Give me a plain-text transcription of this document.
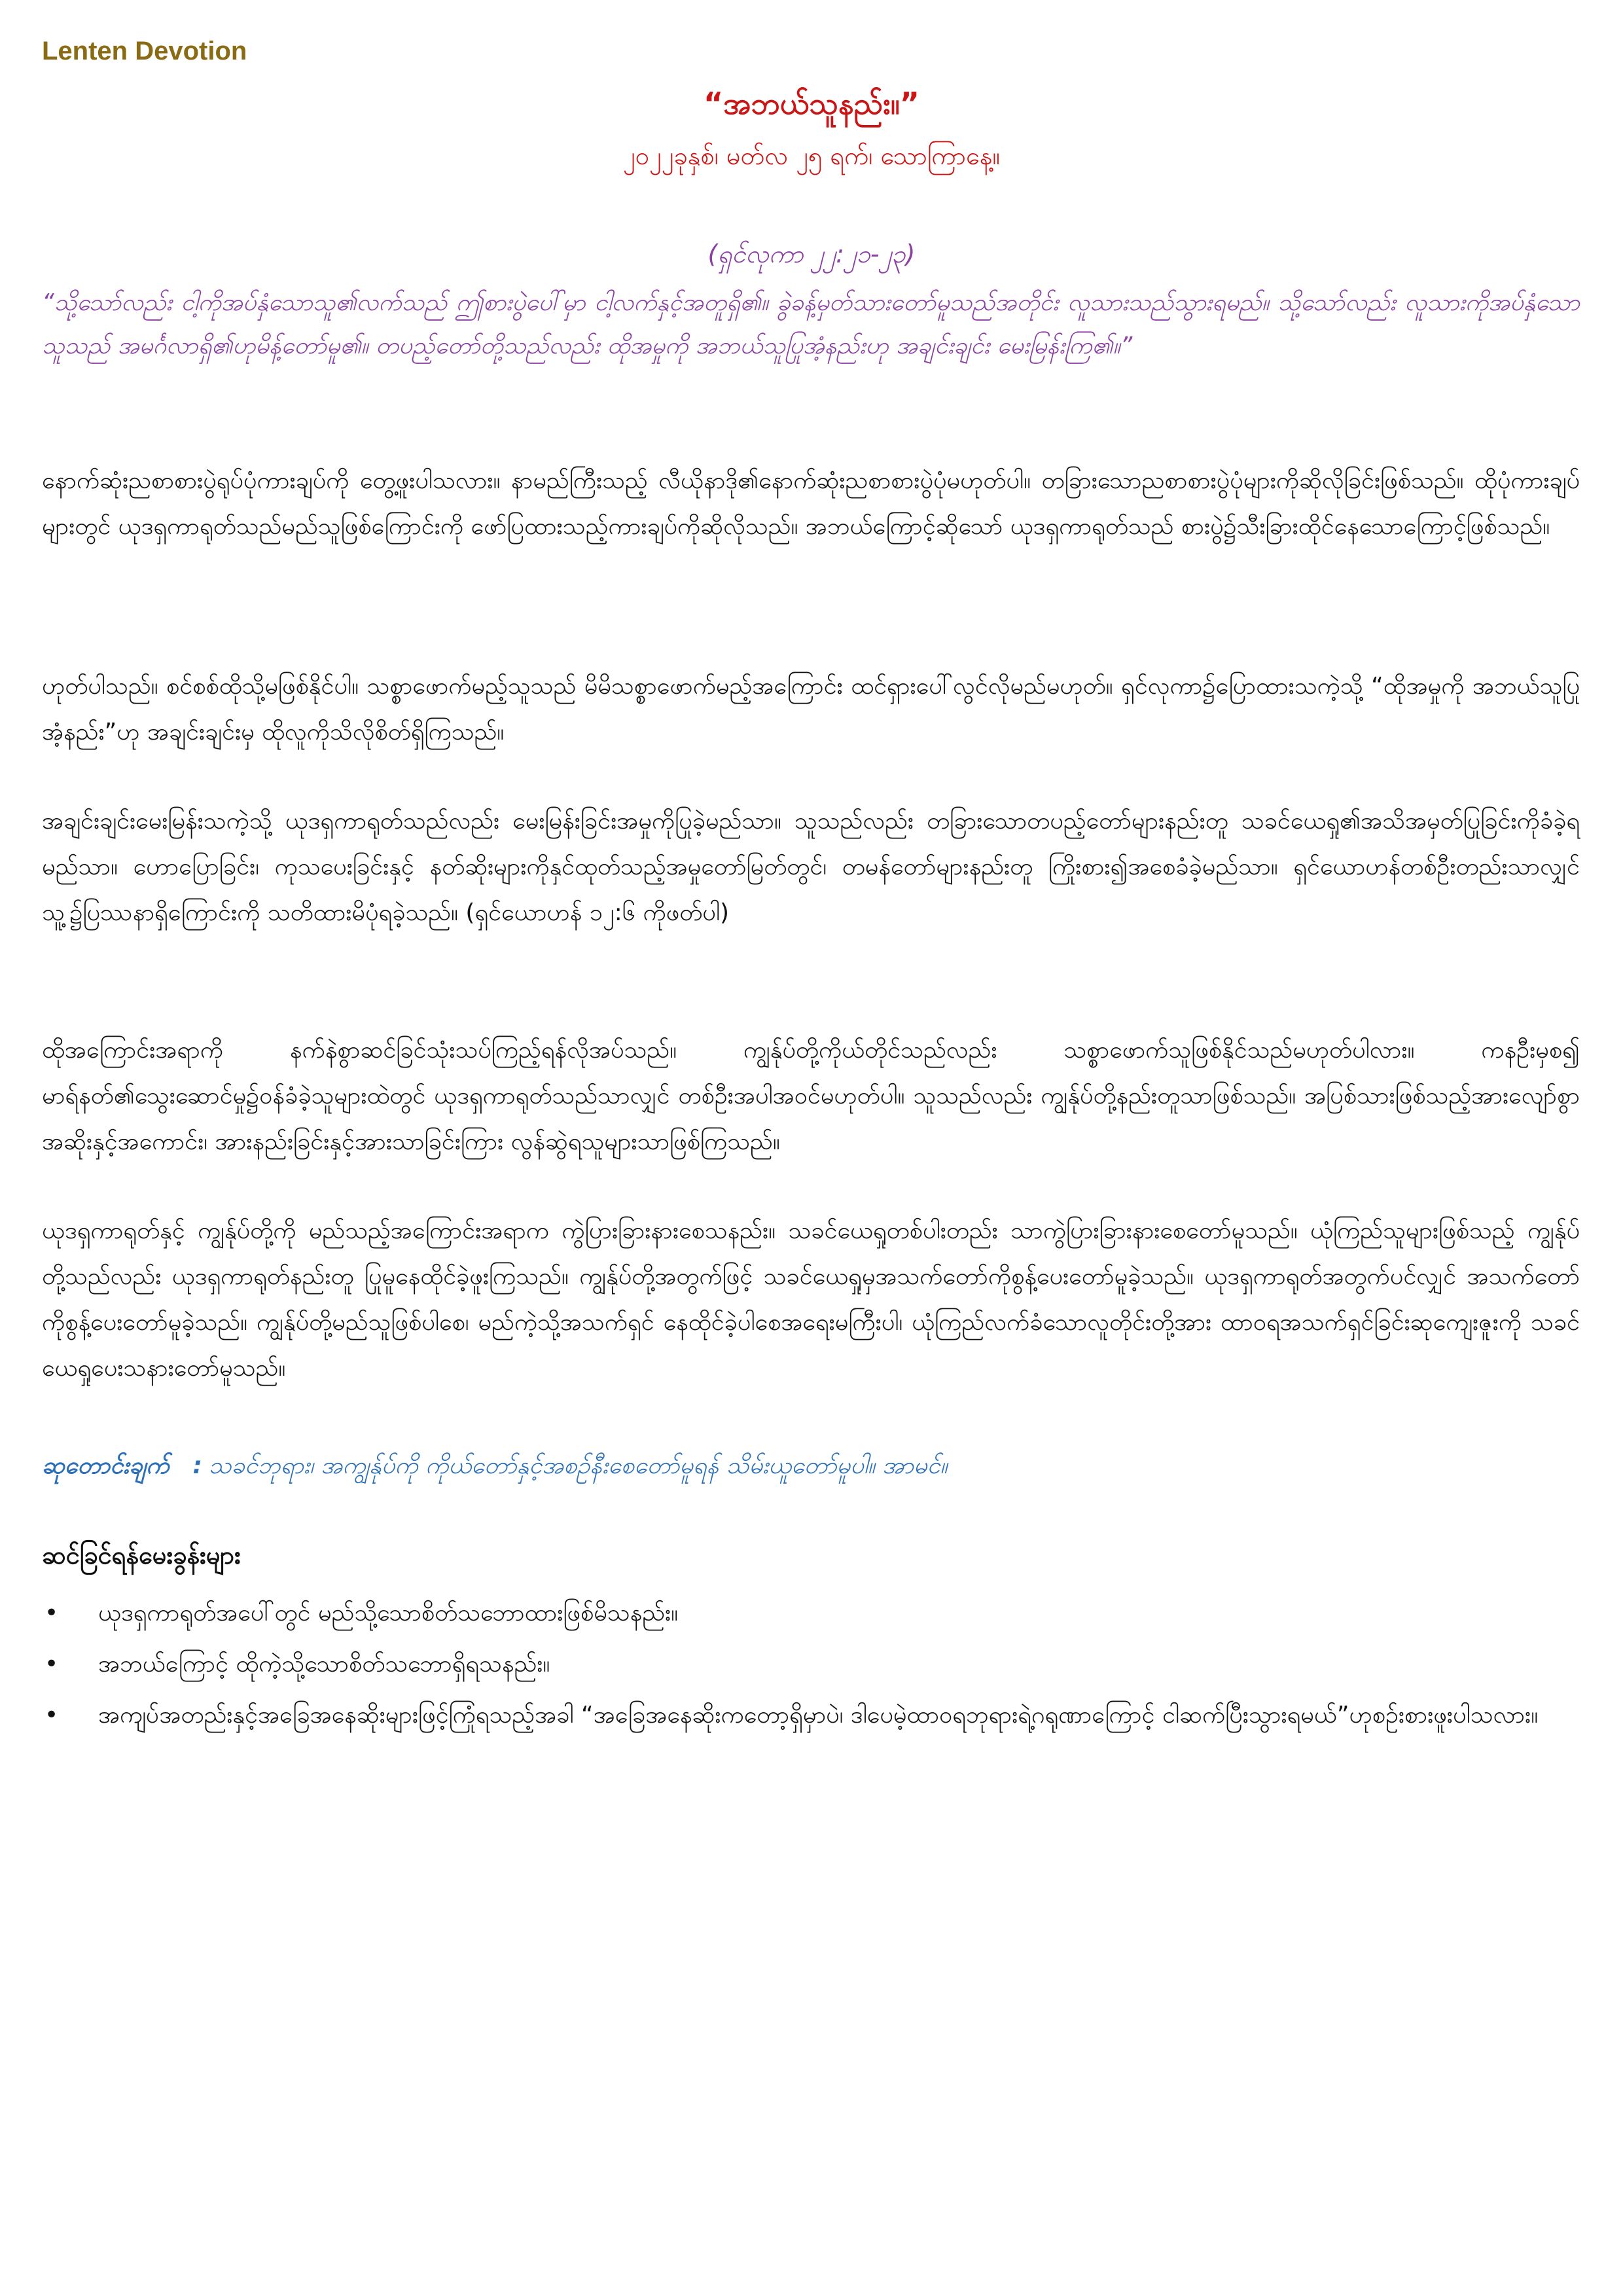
Lenten Devotion
“အဘယ်သူနည်း။”
၂၀၂၂ခုနှစ်၊ မတ်လ ၂၅ ရက်၊ သောကြာနေ့။
(ရှင်လုကာ ၂၂:၂၁-၂၃)
“သို့သော်လည်း ငါ့ကိုအပ်နှံသောသူ၏လက်သည် ဤစားပွဲပေါ်မှာ ငါ့လက်နှင့်အတူရှိ၏။ ခွဲခန့်မှတ်သားတော်မူသည်အတိုင်း လူသားသည်သွားရမည်။ သို့သော်လည်း လူသားကိုအပ်နှံသောသူသည် အမင်္ဂလာရှိ၏ဟုမိန့်တော်မူ၏။ တပည့်တော်တို့သည်လည်း ထိုအမှုကို အဘယ်သူပြုအံ့နည်းဟု အချင်းချင်း မေးမြန်းကြ၏။”
နောက်ဆုံးညစာစားပွဲရုပ်ပုံကားချပ်ကို တွေ့ဖူးပါသလား။ နာမည်ကြီးသည့် လီယိုနာဒို၏နောက်ဆုံးညစာစားပွဲပုံမဟုတ်ပါ။ တခြားသောညစာစားပွဲပုံများကိုဆိုလိုခြင်းဖြစ်သည်။ ထိုပုံကားချပ်များတွင် ယုဒရှကာရုတ်သည်မည်သူဖြစ်ကြောင်းကို ဖော်ပြထားသည့်ကားချပ်ကိုဆိုလိုသည်။ အဘယ်ကြောင့်ဆိုသော် ယုဒရှကာရုတ်သည် စားပွဲ၌သီးခြားထိုင်နေသောကြောင့်ဖြစ်သည်။
ဟုတ်ပါသည်။ စင်စစ်ထိုသို့မဖြစ်နိုင်ပါ။ သစ္စာဖောက်မည့်သူသည် မိမိသစ္စာဖောက်မည့်အကြောင်း ထင်ရှားပေါ်လွင်လိုမည်မဟုတ်။ ရှင်လုကာ၌ပြောထားသကဲ့သို့ “ထိုအမှုကို အဘယ်သူပြုအံ့နည်း”ဟု အချင်းချင်းမှ ထိုလူကိုသိလိုစိတ်ရှိကြသည်။
အချင်းချင်းမေးမြန်းသကဲ့သို့ ယုဒရှကာရုတ်သည်လည်း မေးမြန်းခြင်းအမှုကိုပြုခဲ့မည်သာ။ သူသည်လည်း တခြားသောတပည့်တော်များနည်းတူ သခင်ယေရှု၏အသိအမှတ်ပြုခြင်းကိုခံခဲ့ရမည်သာ။ ဟောပြောခြင်း၊ ကုသပေးခြင်းနှင့် နတ်ဆိုးများကိုနှင်ထုတ်သည့်အမှုတော်မြတ်တွင်၊ တမန်တော်များနည်းတူ ကြိုးစား၍အစေခံခဲ့မည်သာ။ ရှင်ယောဟန်တစ်ဦးတည်းသာလျှင် သူ့၌ပြဿနာရှိကြောင်းကို သတိထားမိပုံရခဲ့သည်။ (ရှင်ယောဟန် ၁၂:၆ ကိုဖတ်ပါ)
ထိုအကြောင်းအရာကို နက်နဲစွာဆင်ခြင်သုံးသပ်ကြည့်ရန်လိုအပ်သည်။ ကျွန်ုပ်တို့ကိုယ်တိုင်သည်လည်း သစ္စာဖောက်သူဖြစ်နိုင်သည်မဟုတ်ပါလား။ ကနဦးမှစ၍ မာရ်နတ်၏သွေးဆောင်မှု၌ဝန်ခံခဲ့သူများထဲတွင် ယုဒရှကာရုတ်သည်သာလျှင် တစ်ဦးအပါအဝင်မဟုတ်ပါ။ သူသည်လည်း ကျွန်ုပ်တို့နည်းတူသာဖြစ်သည်။ အပြစ်သားဖြစ်သည့်အားလျော်စွာ အဆိုးနှင့်အကောင်း၊ အားနည်းခြင်းနှင့်အားသာခြင်းကြား လွန်ဆွဲရသူများသာဖြစ်ကြသည်။
ယုဒရှကာရုတ်နှင့် ကျွန်ုပ်တို့ကို မည်သည့်အကြောင်းအရာက ကွဲပြားခြားနားစေသနည်း။ သခင်ယေရှုတစ်ပါးတည်း သာကွဲပြားခြားနားစေတော်မူသည်။ ယုံကြည်သူများဖြစ်သည့် ကျွန်ုပ်တို့သည်လည်း ယုဒရှကာရုတ်နည်းတူ ပြုမူနေထိုင်ခဲ့ဖူးကြသည်။ ကျွန်ုပ်တို့အတွက်ဖြင့် သခင်ယေရှုမှအသက်တော်ကိုစွန့်ပေးတော်မူခဲ့သည်။ ယုဒရှကာရုတ်အတွက်ပင်လျှင် အသက်တော်ကိုစွန့်ပေးတော်မူခဲ့သည်။ ကျွန်ုပ်တို့မည်သူဖြစ်ပါစေ၊ မည်ကဲ့သို့အသက်ရှင် နေထိုင်ခဲ့ပါစေအရေးမကြီးပါ၊ ယုံကြည်လက်ခံသောလူတိုင်းတို့အား ထာဝရအသက်ရှင်ခြင်းဆုကျေးဇူးကို သခင်ယေရှုပေးသနားတော်မူသည်။
ဆုတောင်းချက် : သခင်ဘုရား၊ အကျွန်ုပ်ကို ကိုယ်တော်နှင့်အစဉ်နီးစေတော်မူရန် သိမ်းယူတော်မူပါ။ အာမင်။
ဆင်ခြင်ရန်မေးခွန်းများ
• ယုဒရှကာရုတ်အပေါ်တွင် မည်သို့သောစိတ်သဘောထားဖြစ်မိသနည်း။
• အဘယ်ကြောင့် ထိုကဲ့သို့သောစိတ်သဘောရှိရသနည်း။
• အကျပ်အတည်းနှင့်အခြေအနေဆိုးများဖြင့်ကြုံရသည့်အခါ “အခြေအနေဆိုးကတော့ရှိမှာပဲ၊ ဒါပေမဲ့ထာဝရဘုရားရဲ့ဂရုဏာကြောင့် ငါဆက်ပြီးသွားရမယ်”ဟုစဉ်းစားဖူးပါသလား။
